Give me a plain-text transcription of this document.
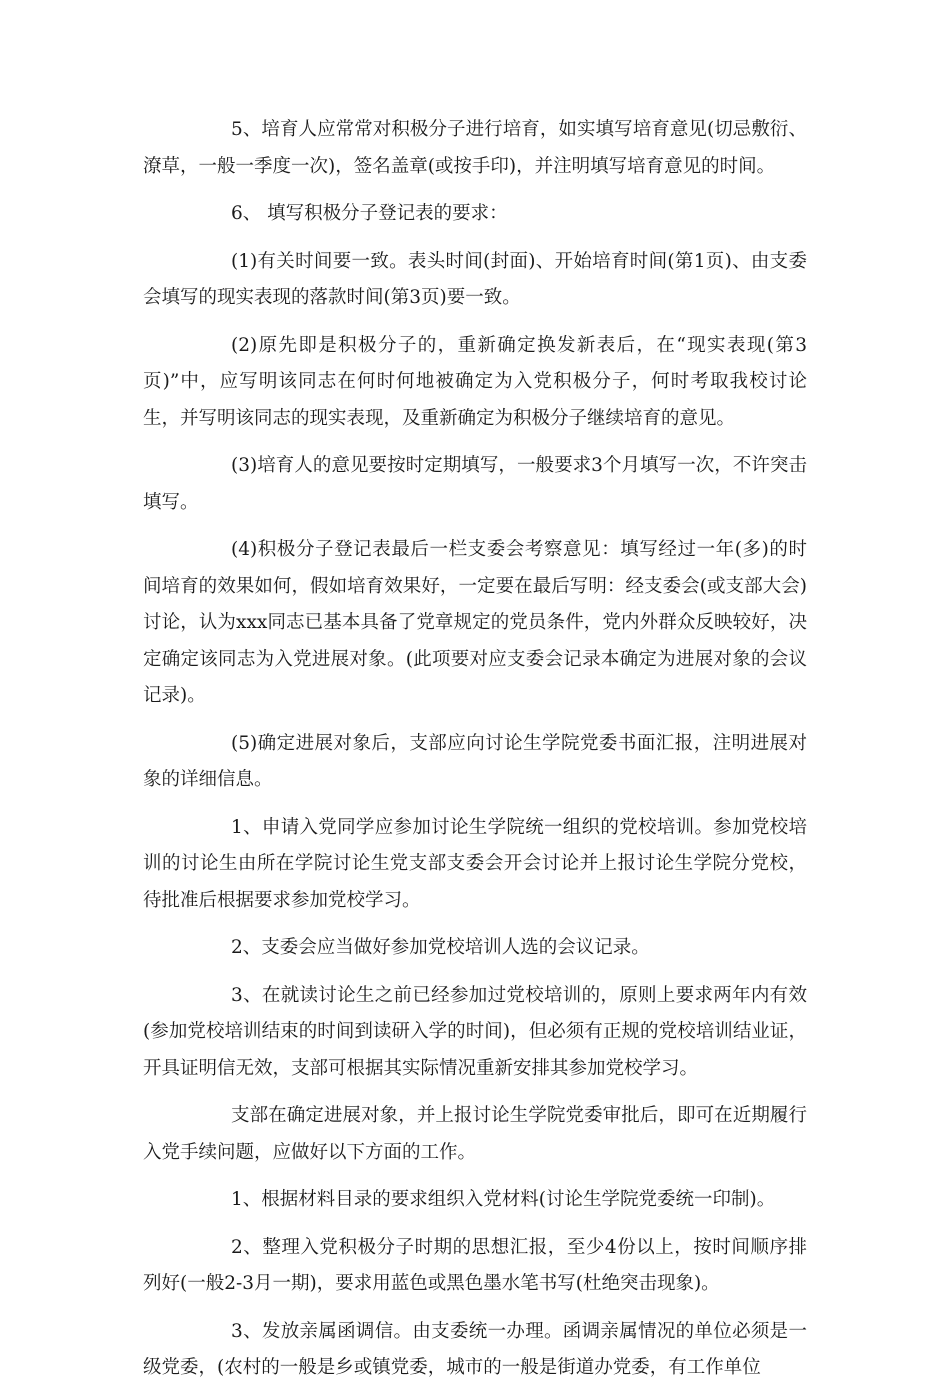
5、培育人应常常对积极分子进行培育，如实填写培育意见(切忌敷衍、潦草，一般一季度一次)，签名盖章(或按手印)，并注明填写培育意见的时间。

6、 填写积极分子登记表的要求：

(1)有关时间要一致。表头时间(封面)、开始培育时间(第1页)、由支委会填写的现实表现的落款时间(第3页)要一致。

(2)原先即是积极分子的，重新确定换发新表后，在“现实表现(第3页)”中，应写明该同志在何时何地被确定为入党积极分子，何时考取我校讨论生，并写明该同志的现实表现，及重新确定为积极分子继续培育的意见。

(3)培育人的意见要按时定期填写，一般要求3个月填写一次，不许突击填写。

(4)积极分子登记表最后一栏支委会考察意见：填写经过一年(多)的时间培育的效果如何，假如培育效果好，一定要在最后写明：经支委会(或支部大会)讨论，认为xxx同志已基本具备了党章规定的党员条件，党内外群众反映较好，决定确定该同志为入党进展对象。(此项要对应支委会记录本确定为进展对象的会议记录)。

(5)确定进展对象后，支部应向讨论生学院党委书面汇报，注明进展对象的详细信息。

1、申请入党同学应参加讨论生学院统一组织的党校培训。参加党校培训的讨论生由所在学院讨论生党支部支委会开会讨论并上报讨论生学院分党校，待批准后根据要求参加党校学习。

2、支委会应当做好参加党校培训人选的会议记录。

3、在就读讨论生之前已经参加过党校培训的，原则上要求两年内有效(参加党校培训结束的时间到读研入学的时间)，但必须有正规的党校培训结业证，开具证明信无效，支部可根据其实际情况重新安排其参加党校学习。

支部在确定进展对象，并上报讨论生学院党委审批后，即可在近期履行入党手续问题，应做好以下方面的工作。

1、根据材料目录的要求组织入党材料(讨论生学院党委统一印制)。

2、整理入党积极分子时期的思想汇报，至少4份以上，按时间顺序排列好(一般2-3月一期)，要求用蓝色或黑色墨水笔书写(杜绝突击现象)。

3、发放亲属函调信。由支委统一办理。函调亲属情况的单位必须是一级党委，(农村的一般是乡或镇党委，城市的一般是街道办党委，有工作单位
